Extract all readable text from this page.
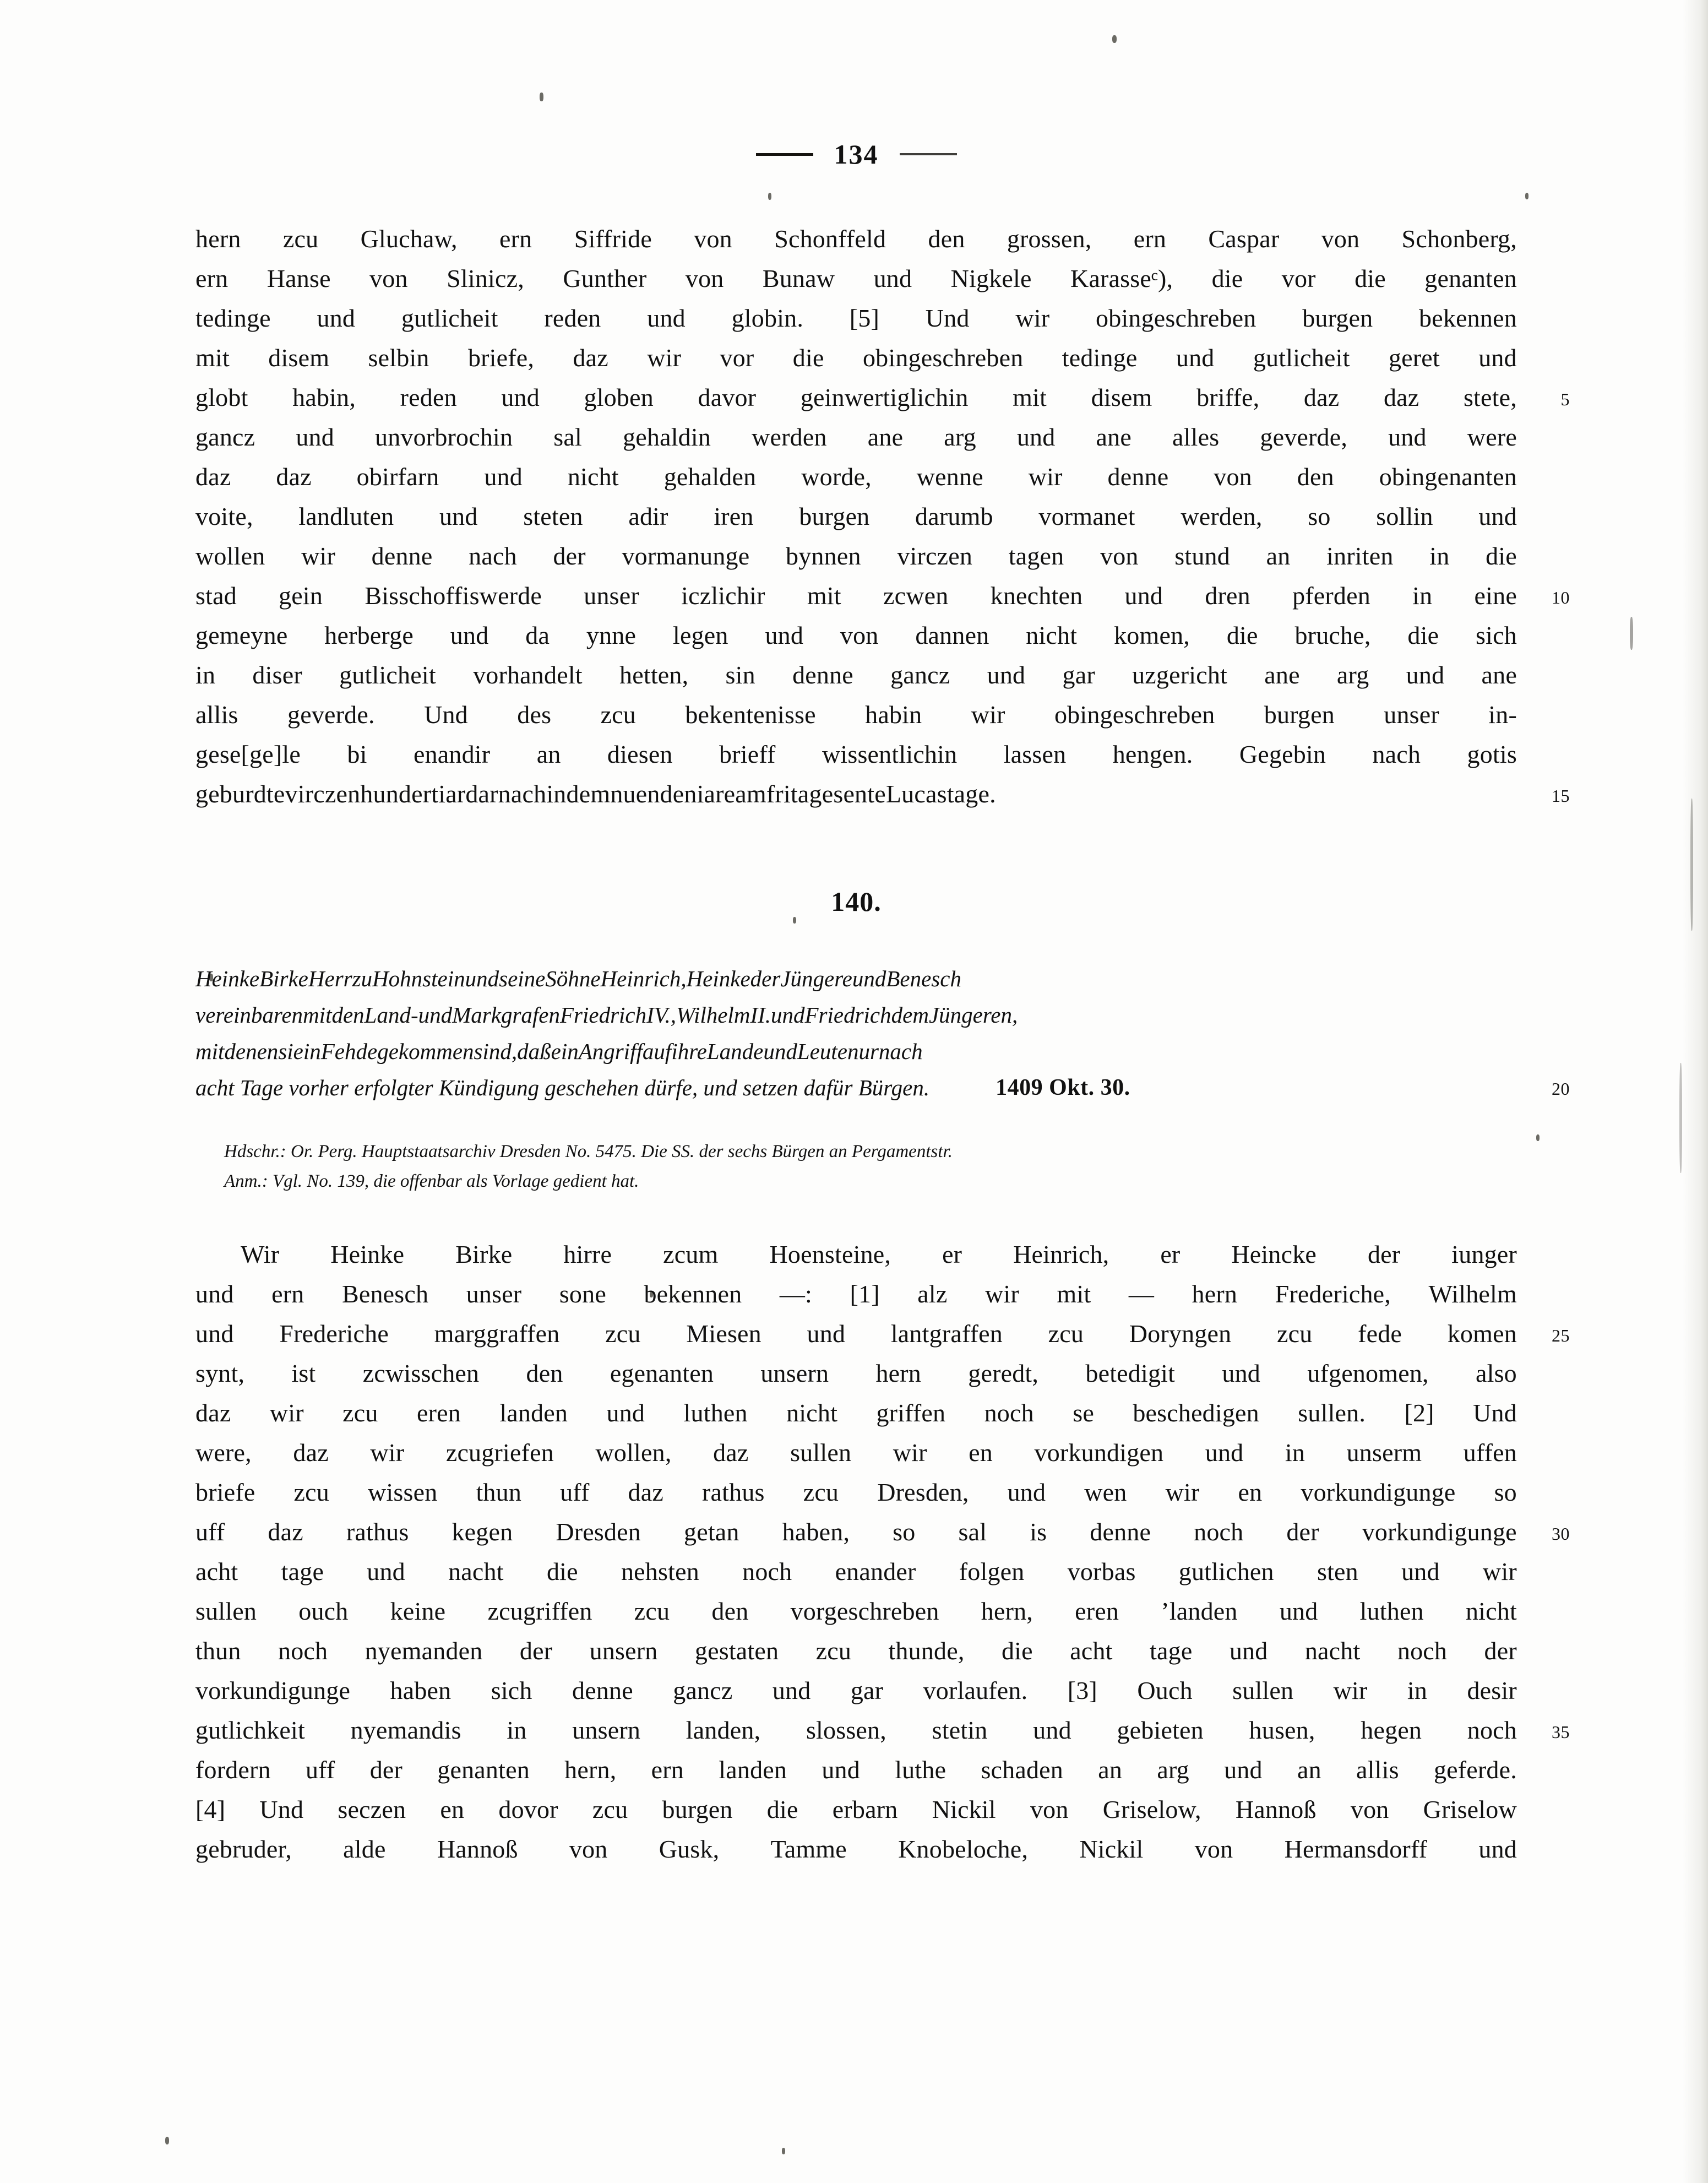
134
hern zcu Gluchaw, ern Siffride von Schonffeld den grossen, ern Caspar von Schonberg,
ern Hanse von Slinicz, Gunther von Bunaw und Nigkele Karasseᶜ), die vor die genanten
tedinge und gutlicheit reden und globin. [5] Und wir obingeschreben burgen bekennen
mit disem selbin briefe, daz wir vor die obingeschreben tedinge und gutlicheit geret und
globt habin, reden und globen davor geinwertiglichin mit disem briffe, daz daz stete, 5
gancz und unvorbrochin sal gehaldin werden ane arg und ane alles geverde, und were
daz daz obirfarn und nicht gehalden worde, wenne wir denne von den obingenanten
voite, landluten und steten adir iren burgen darumb vormanet werden, so sollin und
wollen wir denne nach der vormanunge bynnen virczen tagen von stund an inriten in die
stad gein Bisschoffiswerde unser iczlichir mit zcwen knechten und dren pferden in eine 10
gemeyne herberge und da ynne legen und von dannen nicht komen, die bruche, die sich
in diser gutlicheit vorhandelt hetten, sin denne gancz und gar uzgericht ane arg und ane
allis geverde. Und des zcu bekentenisse habin wir obingeschreben burgen unser in-
gese[ge]le bi enandir an diesen brieff wissentlichin lassen hengen. Gegebin nach gotis
geburdte virczen hundert iar darnach in dem nuenden iare am fritage sente Lucas tage.	15
140.
Heinke Birke Herr zu Hohnstein und seine Söhne Heinrich, Heinke der Jüngere und Benesch
vereinbaren mit den Land- und Markgrafen Friedrich IV., Wilhelm II. und Friedrich dem Jüngeren,
mit denen sie in Fehde gekommen sind, daß ein Angriff auf ihre Lande und Leute nur nach
acht Tage vorher erfolgter Kündigung geschehen dürfe, und setzen dafür Bürgen.	1409 Okt. 30.	20
Hdschr.: Or. Perg. Hauptstaatsarchiv Dresden No. 5475. Die SS. der sechs Bürgen an Pergamentstr.
Anm.: Vgl. No. 139, die offenbar als Vorlage gedient hat.
Wir Heinke Birke hirre zcum Hoensteine, er Heinrich, er Heincke der iunger
und ern Benesch unser sone bekennen —: [1] alz wir mit — hern Frederiche, Wilhelm
und Frederiche marggraffen zcu Miesen und lantgraffen zcu Doryngen zcu fede komen 25
synt, ist zcwisschen den egenanten unsern hern geredt, betedigit und ufgenomen, also
daz wir zcu eren landen und luthen nicht griffen noch se beschedigen sullen. [2] Und
were, daz wir zcugriefen wollen, daz sullen wir en vorkundigen und in unserm uffen
briefe zcu wissen thun uff daz rathus zcu Dresden, und wen wir en vorkundigunge so
uff daz rathus kegen Dresden getan haben, so sal is denne noch der vorkundigunge 30
acht tage und nacht die nehsten noch enander folgen vorbas gutlichen sten und wir
sullen ouch keine zcugriffen zcu den vorgeschreben hern, eren ’landen und luthen nicht
thun noch nyemanden der unsern gestaten zcu thunde, die acht tage und nacht noch der
vorkundigunge haben sich denne gancz und gar vorlaufen. [3] Ouch sullen wir in desir
gutlichkeit nyemandis in unsern landen, slossen, stetin und gebieten husen, hegen noch 35
fordern uff der genanten hern, ern landen und luthe schaden an arg und an allis geferde.
[4] Und seczen en dovor zcu burgen die erbarn Nickil von Griselow, Hannoß von Griselow
gebruder, alde Hannoß von Gusk, Tamme Knobeloche, Nickil von Hermansdorff und
